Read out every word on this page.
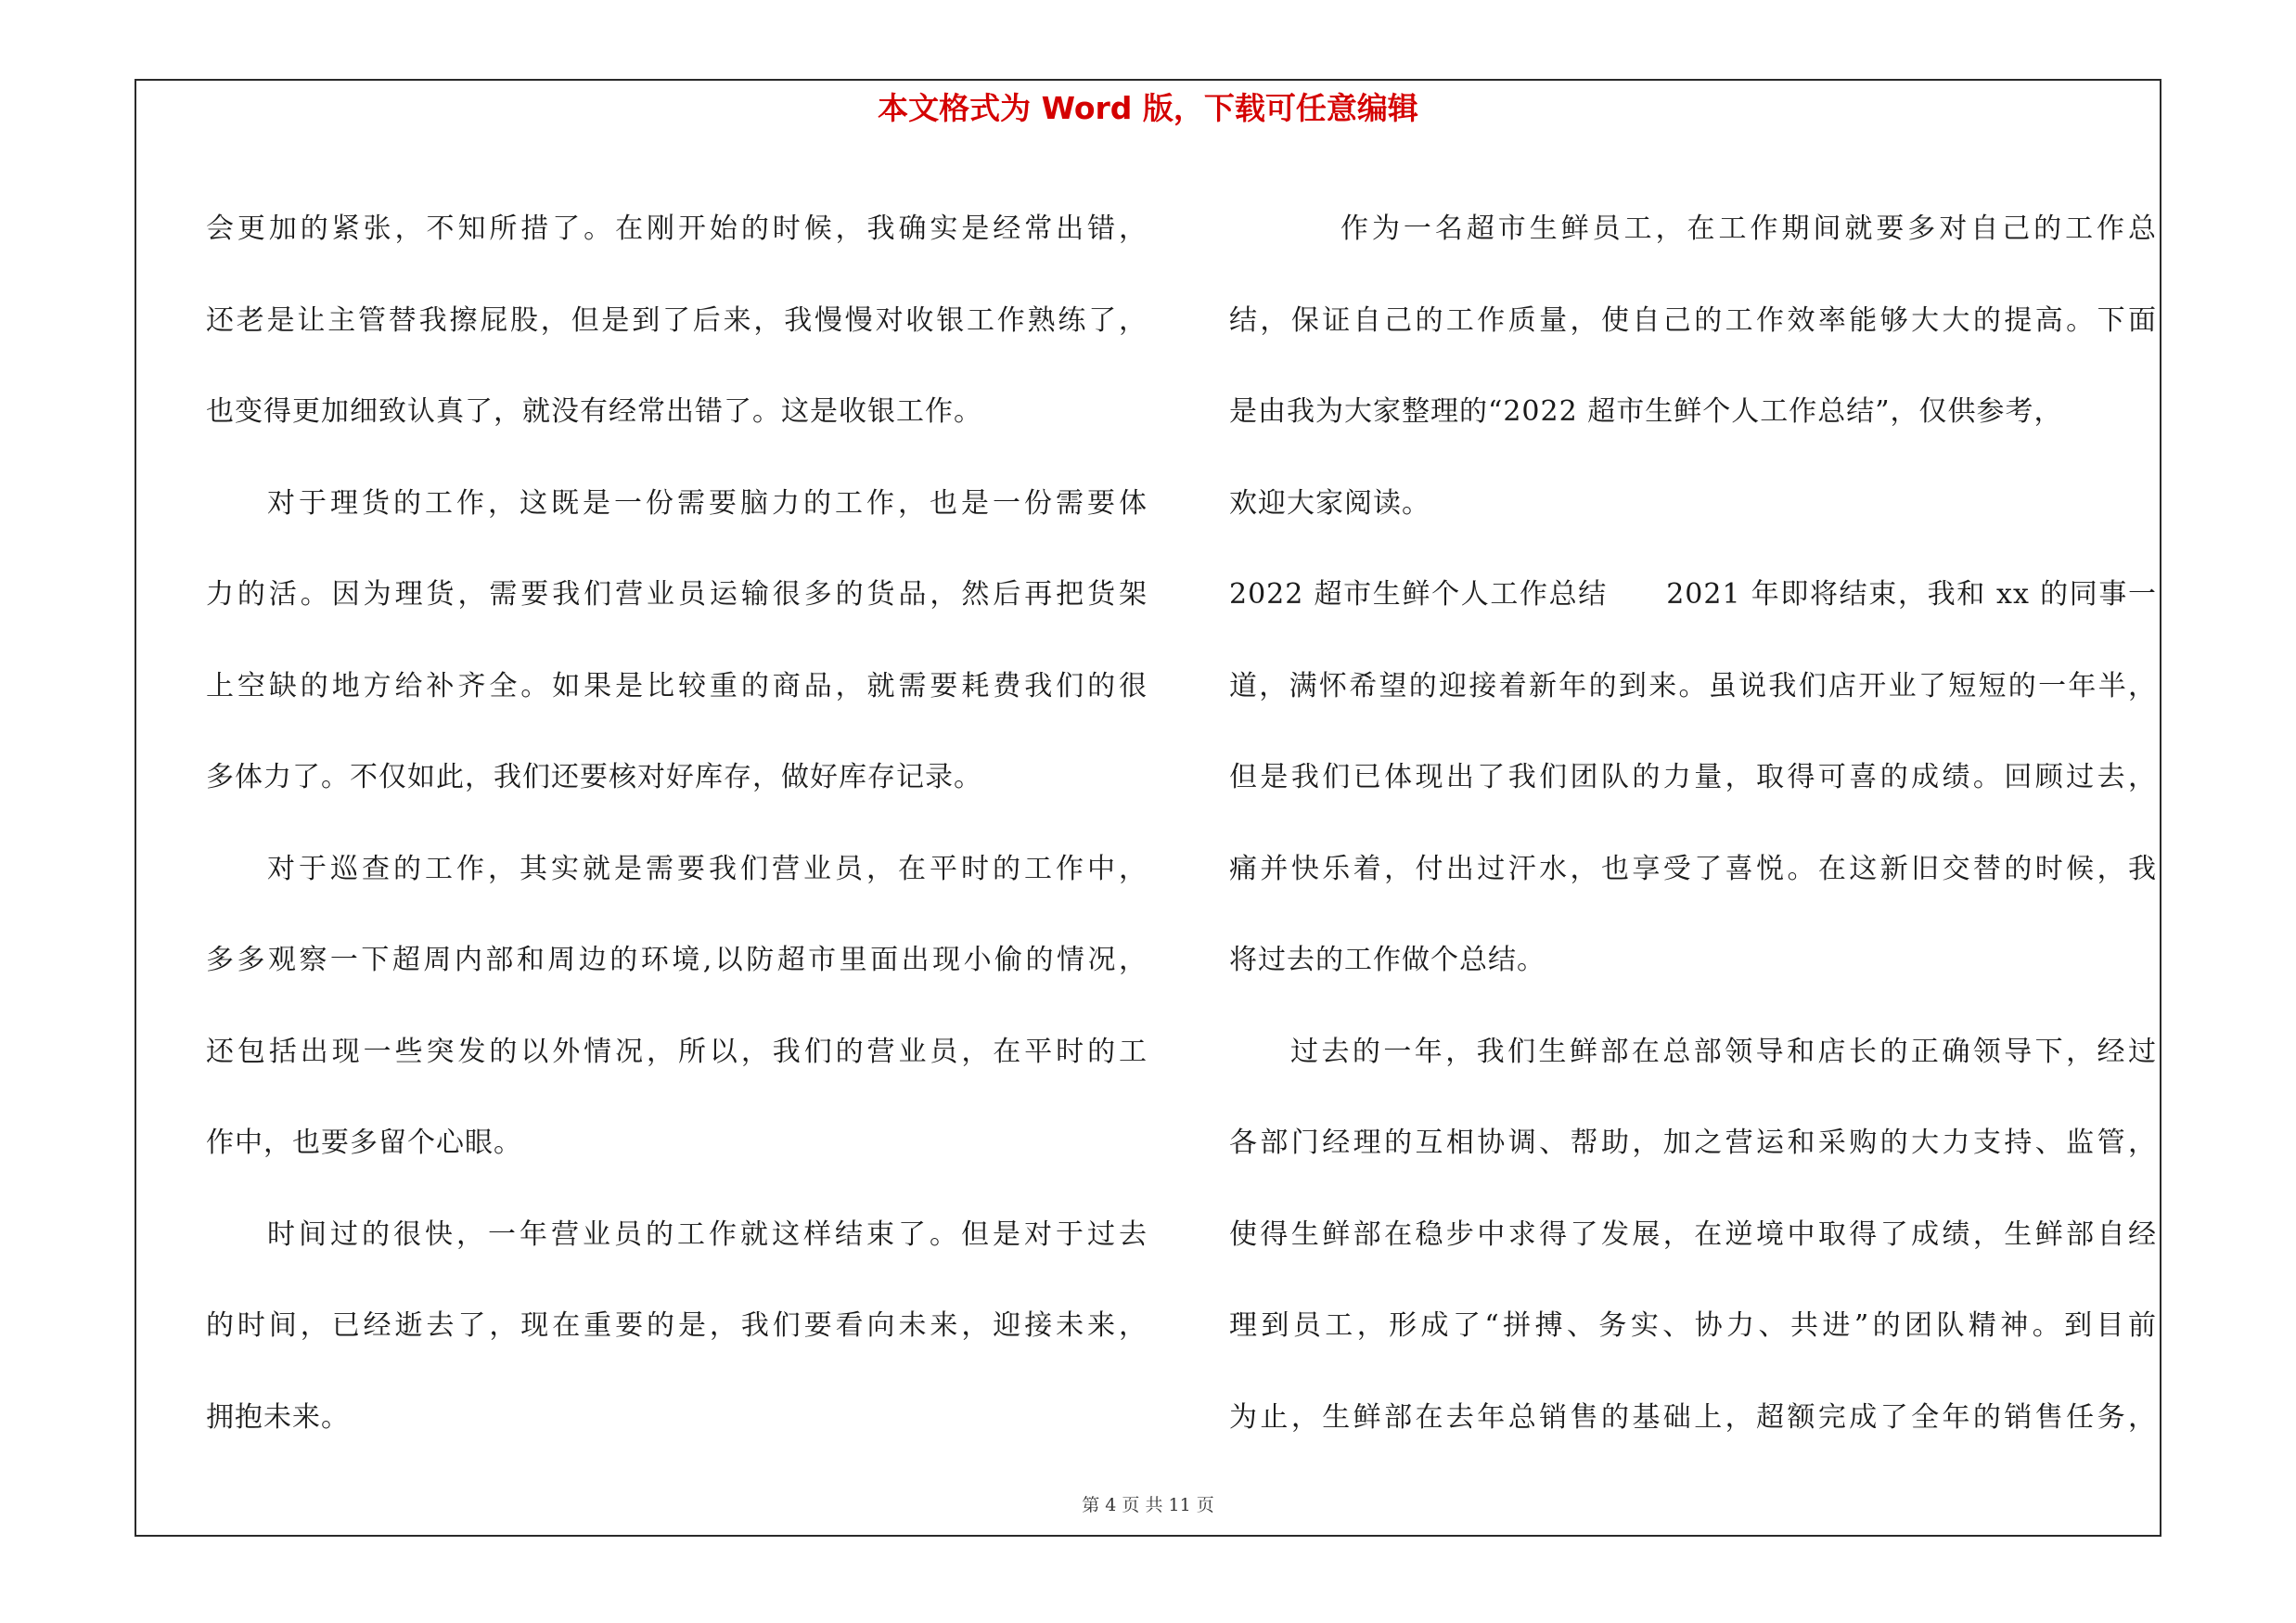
本文格式为 Word 版，下载可任意编辑

会更加的紧张，不知所措了。在刚开始的时候，我确实是经常出错，
还老是让主管替我擦屁股，但是到了后来，我慢慢对收银工作熟练了，
也变得更加细致认真了，就没有经常出错了。这是收银工作。
对于理货的工作，这既是一份需要脑力的工作，也是一份需要体
力的活。因为理货，需要我们营业员运输很多的货品，然后再把货架
上空缺的地方给补齐全。如果是比较重的商品，就需要耗费我们的很
多体力了。不仅如此，我们还要核对好库存，做好库存记录。
对于巡查的工作，其实就是需要我们营业员，在平时的工作中，
多多观察一下超周内部和周边的环境,以防超市里面出现小偷的情况，
还包括出现一些突发的以外情况，所以，我们的营业员，在平时的工
作中，也要多留个心眼。
时间过的很快，一年营业员的工作就这样结束了。但是对于过去
的时间，已经逝去了，现在重要的是，我们要看向未来，迎接未来，
拥抱未来。
作为一名超市生鲜员工，在工作期间就要多对自己的工作总
结，保证自己的工作质量，使自己的工作效率能够大大的提高。下面
是由我为大家整理的“2022 超市生鲜个人工作总结”，仅供参考，
欢迎大家阅读。
2022 超市生鲜个人工作总结　　2021 年即将结束，我和 xx 的同事一
道，满怀希望的迎接着新年的到来。虽说我们店开业了短短的一年半，
但是我们已体现出了我们团队的力量，取得可喜的成绩。回顾过去，
痛并快乐着，付出过汗水，也享受了喜悦。在这新旧交替的时候，我
将过去的工作做个总结。
过去的一年，我们生鲜部在总部领导和店长的正确领导下，经过
各部门经理的互相协调、帮助，加之营运和采购的大力支持、监管，
使得生鲜部在稳步中求得了发展，在逆境中取得了成绩，生鲜部自经
理到员工，形成了“拼搏、务实、协力、共进”的团队精神。到目前
为止，生鲜部在去年总销售的基础上，超额完成了全年的销售任务，

第 4 页 共 11 页
